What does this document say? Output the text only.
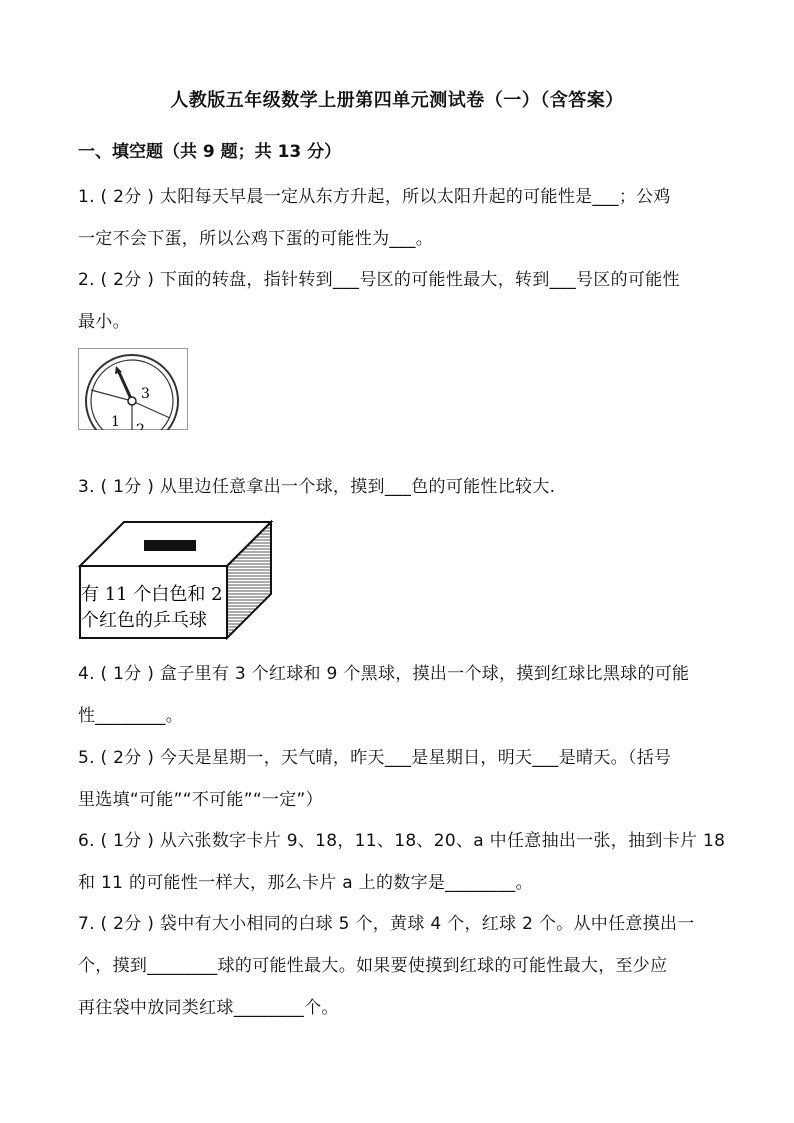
人教版五年级数学上册第四单元测试卷（一）（含答案）
一、填空题（共 9 题；共 13 分）
1. ( 2分 ) 太阳每天早晨一定从东方升起，所以太阳升起的可能性是___；公鸡
一定不会下蛋，所以公鸡下蛋的可能性为___。
2. ( 2分 ) 下面的转盘，指针转到___号区的可能性最大，转到___号区的可能性
最小。
3
1 2
3. ( 1分 ) 从里边任意拿出一个球，摸到___色的可能性比较大.
有 11 个白色和 2
个红色的乒乓球
4. ( 1分 ) 盒子里有 3 个红球和 9 个黑球，摸出一个球，摸到红球比黑球的可能
性________。
5. ( 2分 ) 今天是星期一，天气晴，昨天___是星期日，明天___是晴天。（括号
里选填“可能”“不可能”“一定”）
6. ( 1分 ) 从六张数字卡片 9、18，11、18、20、a 中任意抽出一张，抽到卡片 18
和 11 的可能性一样大，那么卡片 a 上的数字是________。
7. ( 2分 ) 袋中有大小相同的白球 5 个，黄球 4 个，红球 2 个。从中任意摸出一
个，摸到________球的可能性最大。如果要使摸到红球的可能性最大，至少应
再往袋中放同类红球________个。
